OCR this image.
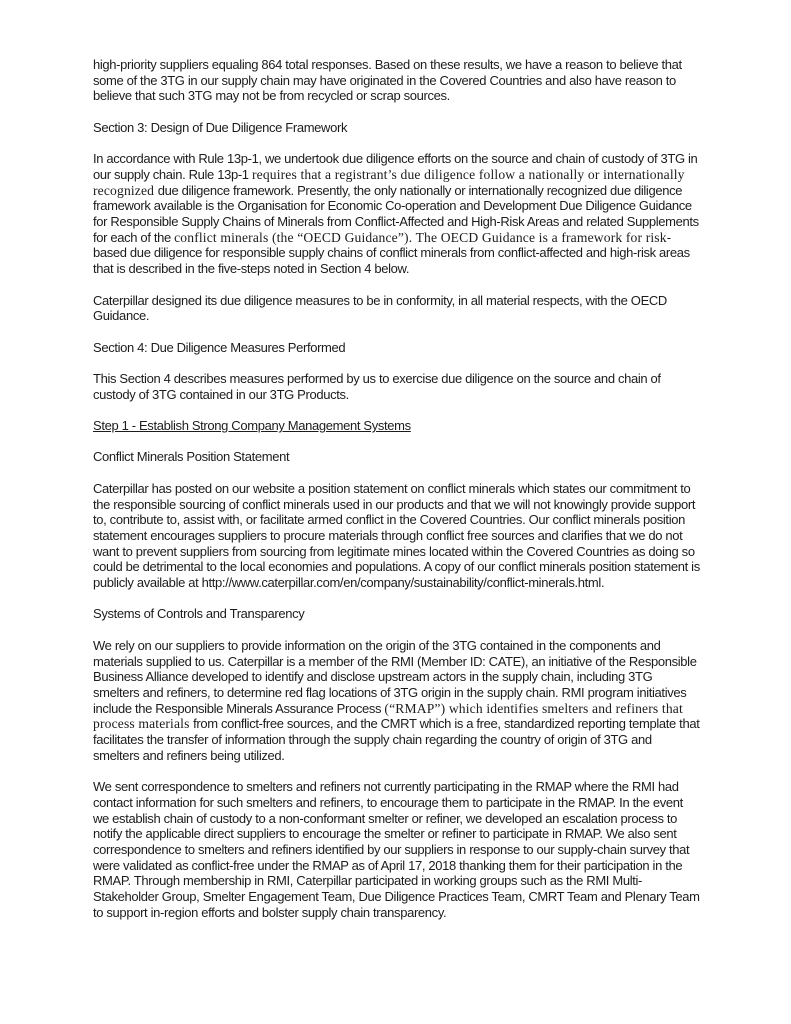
high-priority suppliers equaling 864 total responses. Based on these results, we have a reason to believe that some of the 3TG in our supply chain may have originated in the Covered Countries and also have reason to believe that such 3TG may not be from recycled or scrap sources.

Section 3: Design of Due Diligence Framework

In accordance with Rule 13p-1, we undertook due diligence efforts on the source and chain of custody of 3TG in our supply chain. Rule 13p-1 requires that a registrant’s due diligence follow a nationally or internationally recognized due diligence framework. Presently, the only nationally or internationally recognized due diligence framework available is the Organisation for Economic Co-operation and Development Due Diligence Guidance for Responsible Supply Chains of Minerals from Conflict-Affected and High-Risk Areas and related Supplements for each of the conflict minerals (the “OECD Guidance”). The OECD Guidance is a framework for risk-based due diligence for responsible supply chains of conflict minerals from conflict-affected and high-risk areas that is described in the five-steps noted in Section 4 below.

Caterpillar designed its due diligence measures to be in conformity, in all material respects, with the OECD Guidance.

Section 4: Due Diligence Measures Performed

This Section 4 describes measures performed by us to exercise due diligence on the source and chain of custody of 3TG contained in our 3TG Products.

Step 1 - Establish Strong Company Management Systems

Conflict Minerals Position Statement

Caterpillar has posted on our website a position statement on conflict minerals which states our commitment to the responsible sourcing of conflict minerals used in our products and that we will not knowingly provide support to, contribute to, assist with, or facilitate armed conflict in the Covered Countries. Our conflict minerals position statement encourages suppliers to procure materials through conflict free sources and clarifies that we do not want to prevent suppliers from sourcing from legitimate mines located within the Covered Countries as doing so could be detrimental to the local economies and populations. A copy of our conflict minerals position statement is publicly available at http://www.caterpillar.com/en/company/sustainability/conflict-minerals.html.

Systems of Controls and Transparency

We rely on our suppliers to provide information on the origin of the 3TG contained in the components and materials supplied to us. Caterpillar is a member of the RMI (Member ID: CATE), an initiative of the Responsible Business Alliance developed to identify and disclose upstream actors in the supply chain, including 3TG smelters and refiners, to determine red flag locations of 3TG origin in the supply chain. RMI program initiatives include the Responsible Minerals Assurance Process (“RMAP”) which identifies smelters and refiners that process materials from conflict-free sources, and the CMRT which is a free, standardized reporting template that facilitates the transfer of information through the supply chain regarding the country of origin of 3TG and smelters and refiners being utilized.

We sent correspondence to smelters and refiners not currently participating in the RMAP where the RMI had contact information for such smelters and refiners, to encourage them to participate in the RMAP. In the event we establish chain of custody to a non-conformant smelter or refiner, we developed an escalation process to notify the applicable direct suppliers to encourage the smelter or refiner to participate in RMAP. We also sent correspondence to smelters and refiners identified by our suppliers in response to our supply-chain survey that were validated as conflict-free under the RMAP as of April 17, 2018 thanking them for their participation in the RMAP. Through membership in RMI, Caterpillar participated in working groups such as the RMI Multi-Stakeholder Group, Smelter Engagement Team, Due Diligence Practices Team, CMRT Team and Plenary Team to support in-region efforts and bolster supply chain transparency.
